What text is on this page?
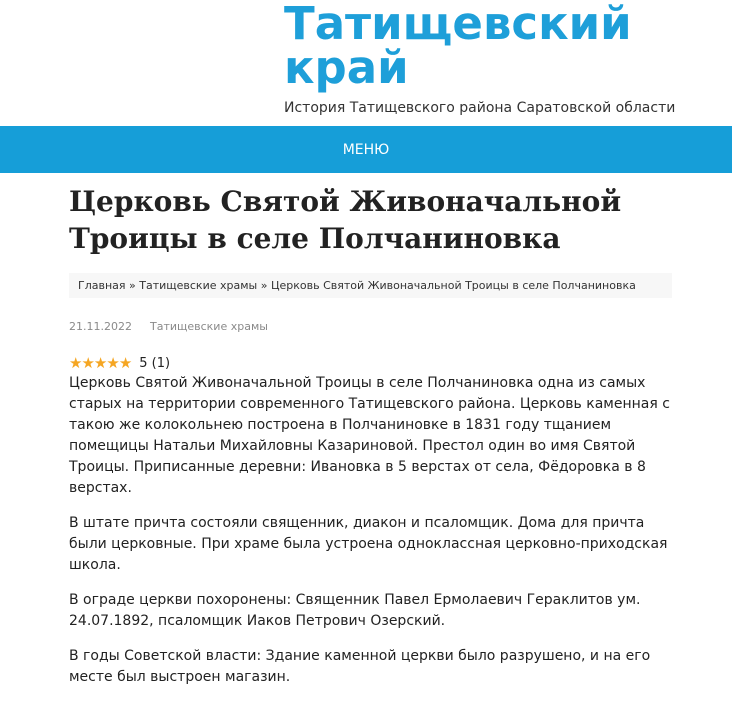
Татищевский
край
История Татищевского района Саратовской области
МЕНЮ
Церковь Святой Живоначальной Троицы в селе Полчаниновка
Главная » Татищевские храмы » Церковь Святой Живоначальной Троицы в селе Полчаниновка
21.11.2022 Татищевские храмы
★★★★★ 5 (1)

Церковь Святой Живоначальной Троицы в селе Полчаниновка одна из самых старых на территории современного Татищевского района. Церковь каменная с такою же колокольнею построена в Полчаниновке в 1831 году тщанием помещицы Натальи Михайловны Казариновой. Престол один во имя Святой Троицы. Приписанные деревни: Ивановка в 5 верстах от села, Фёдоровка в 8 верстах.

В штате причта состояли священник, диакон и псаломщик. Дома для причта были церковные. При храме была устроена одноклассная церковно-приходская школа.

В ограде церкви похоронены: Священник Павел Ермолаевич Гераклитов ум. 24.07.1892, псаломщик Иаков Петрович Озерский.

В годы Советской власти: Здание каменной церкви было разрушено, и на его месте был выстроен магазин.
